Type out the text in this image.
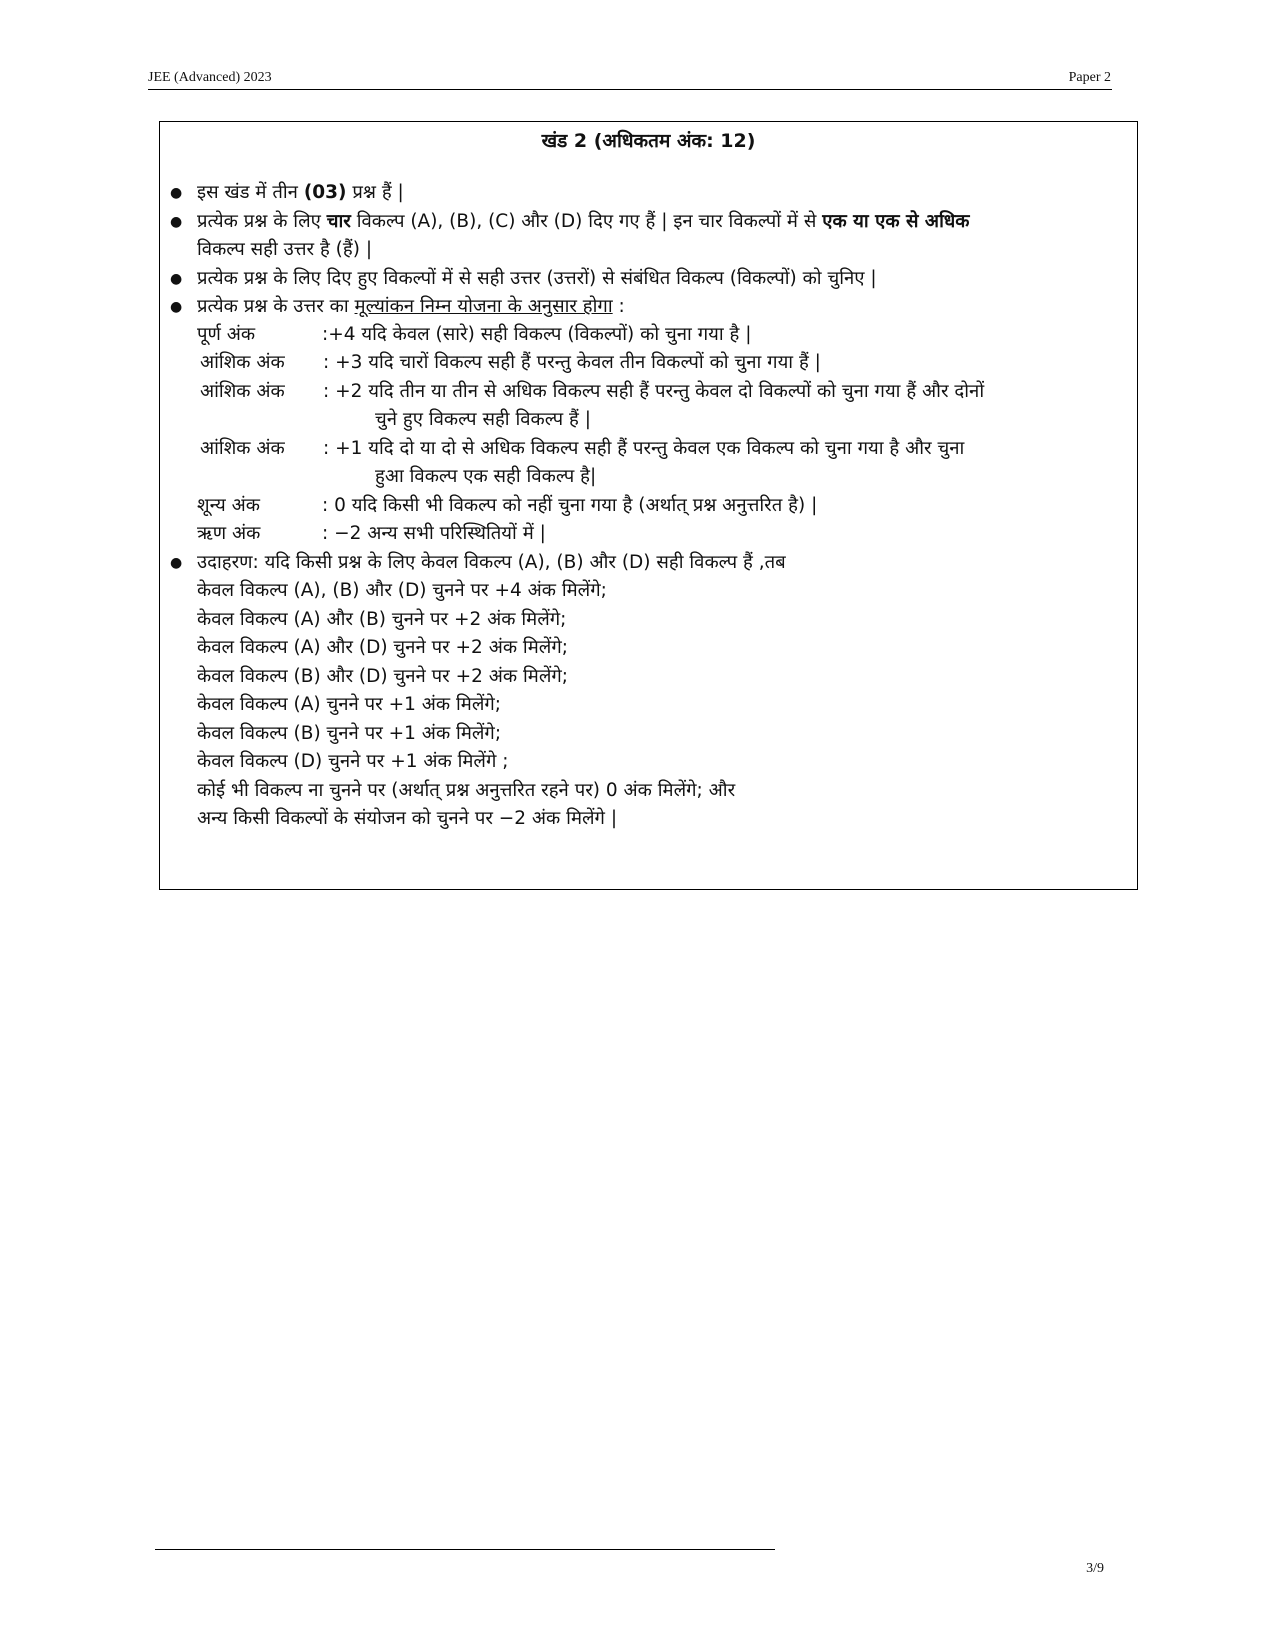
JEE (Advanced) 2023	Paper 2
खंड 2 (अधिकतम अंक: 12)
● इस खंड में तीन (03) प्रश्न हैं |
● प्रत्येक प्रश्न के लिए चार विकल्प (A), (B), (C) और (D) दिए गए हैं | इन चार विकल्पों में से एक या एक से अधिक
विकल्प सही उत्तर है (हैं) |
● प्रत्येक प्रश्न के लिए दिए हुए विकल्पों में से सही उत्तर (उत्तरों) से संबंधित विकल्प (विकल्पों) को चुनिए |
● प्रत्येक प्रश्न के उत्तर का मूल्यांकन निम्न योजना के अनुसार होगा :
पूर्ण अंक	:+4 यदि केवल (सारे) सही विकल्प (विकल्पों) को चुना गया है |
आंशिक अंक : +3 यदि चारों विकल्प सही हैं परन्तु केवल तीन विकल्पों को चुना गया हैं |
आंशिक अंक : +2 यदि तीन या तीन से अधिक विकल्प सही हैं परन्तु केवल दो विकल्पों को चुना गया हैं और दोनों
चुने हुए विकल्प सही विकल्प हैं |
आंशिक अंक : +1 यदि दो या दो से अधिक विकल्प सही हैं परन्तु केवल एक विकल्प को चुना गया है और चुना
हुआ विकल्प एक सही विकल्प है|
शून्य अंक	: 0 यदि किसी भी विकल्प को नहीं चुना गया है (अर्थात् प्रश्न अनुत्तरित है) |
ऋण अंक	: −2 अन्य सभी परिस्थितियों में |
● उदाहरण: यदि किसी प्रश्न के लिए केवल विकल्प (A), (B) और (D) सही विकल्प हैं ,तब
केवल विकल्प (A), (B) और (D) चुनने पर +4 अंक मिलेंगे;
केवल विकल्प (A) और (B) चुनने पर +2 अंक मिलेंगे;
केवल विकल्प (A) और (D) चुनने पर +2 अंक मिलेंगे;
केवल विकल्प (B) और (D) चुनने पर +2 अंक मिलेंगे;
केवल विकल्प (A) चुनने पर +1 अंक मिलेंगे;
केवल विकल्प (B) चुनने पर +1 अंक मिलेंगे;
केवल विकल्प (D) चुनने पर +1 अंक मिलेंगे ;
कोई भी विकल्प ना चुनने पर (अर्थात् प्रश्न अनुत्तरित रहने पर) 0 अंक मिलेंगे; और
अन्य किसी विकल्पों के संयोजन को चुनने पर −2 अंक मिलेंगे |
3/9
